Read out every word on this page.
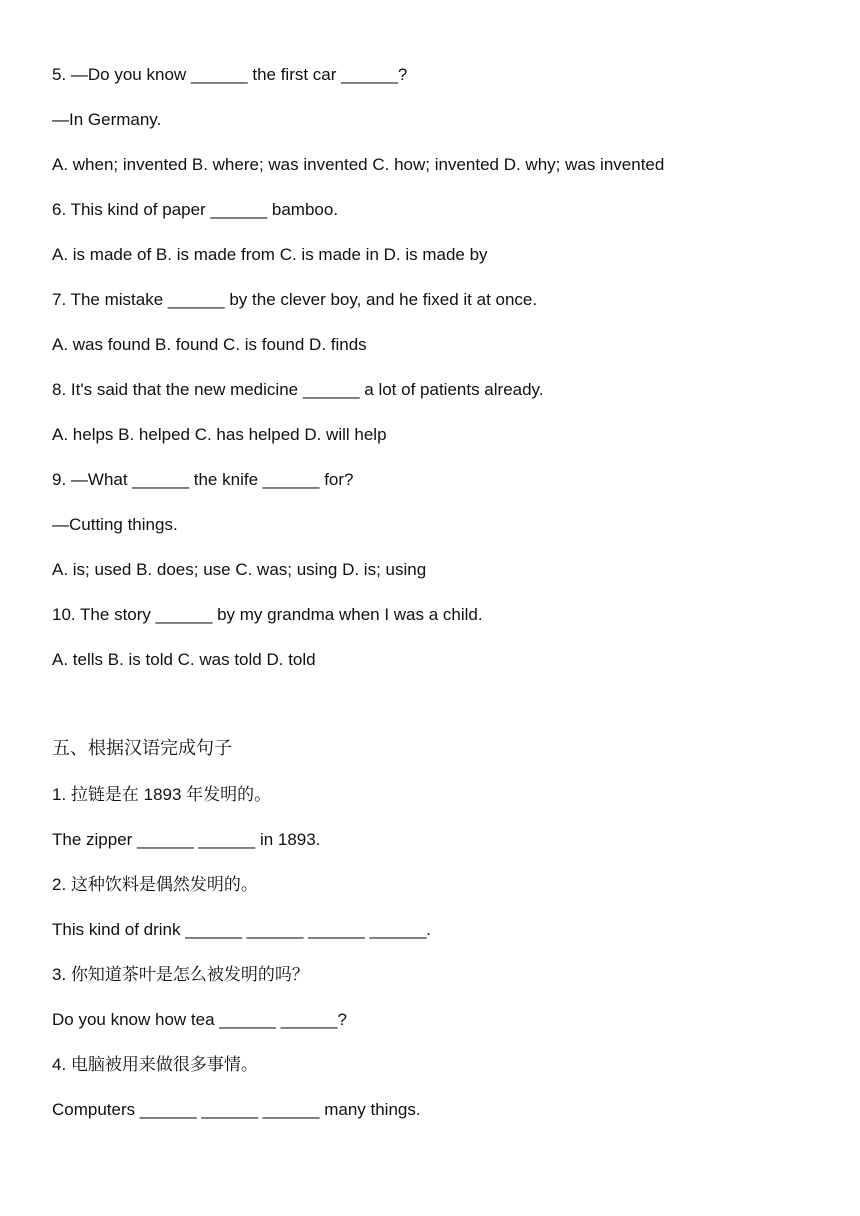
5. —Do you know ______ the first car ______?
—In Germany.
A. when; invented B. where; was invented C. how; invented D. why; was invented
6. This kind of paper ______ bamboo.
A. is made of B. is made from C. is made in D. is made by
7. The mistake ______ by the clever boy, and he fixed it at once.
A. was found B. found C. is found D. finds
8. It's said that the new medicine ______ a lot of patients already.
A. helps B. helped C. has helped D. will help
9. —What ______ the knife ______ for?
—Cutting things.
A. is; used B. does; use C. was; using D. is; using
10. The story ______ by my grandma when I was a child.
A. tells B. is told C. was told D. told
五、根据汉语完成句子
1. 拉链是在 1893 年发明的。
The zipper ______ ______ in 1893.
2. 这种饮料是偶然发明的。
This kind of drink ______ ______ ______ ______.
3. 你知道茶叶是怎么被发明的吗？
Do you know how tea ______ ______?
4. 电脑被用来做很多事情。
Computers ______ ______ ______ many things.
